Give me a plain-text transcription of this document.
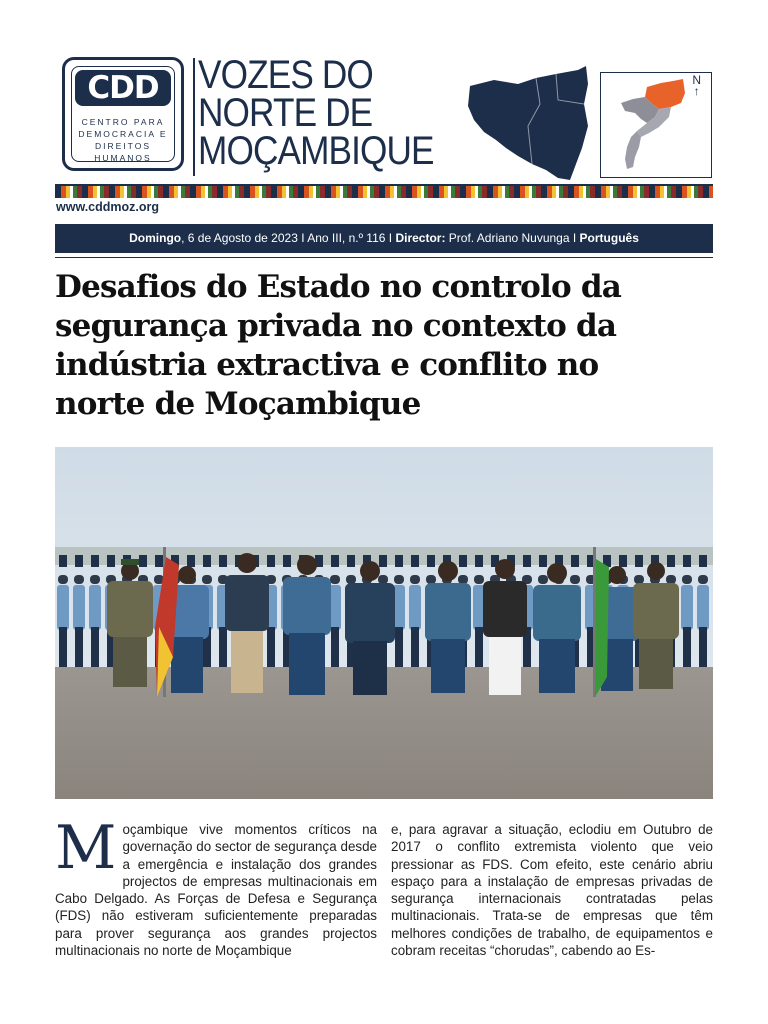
CDD
CENTRO PARA
DEMOCRACIA E
DIREITOS HUMANOS
VOZES DO
NORTE DE
MOÇAMBIQUE
N
↑
www.cddmoz.org
Domingo, 6 de Agosto de 2023 I Ano III, n.º 116 I Director: Prof. Adriano Nuvunga I Português
Desafios do Estado no controlo da
segurança privada no contexto da
indústria extractiva e conflito no
norte de Moçambique
Moçambique vive momentos críticos na governação do sector de segurança desde a emergência e instalação dos grandes projectos de empresas multinacionais em Cabo Delgado. As Forças de Defesa e Segurança (FDS) não estiveram suficientemente preparadas para prover segurança aos grandes projectos multinacionais no norte de Moçambique
e, para agravar a situação, eclodiu em Outubro de 2017 o conflito extremista violento que veio pressionar as FDS. Com efeito, este cenário abriu espaço para a instalação de empresas privadas de segurança internacionais contratadas pelas multinacionais. Trata-se de empresas que têm melhores condições de trabalho, de equipamentos e cobram receitas “chorudas”, cabendo ao Es-
